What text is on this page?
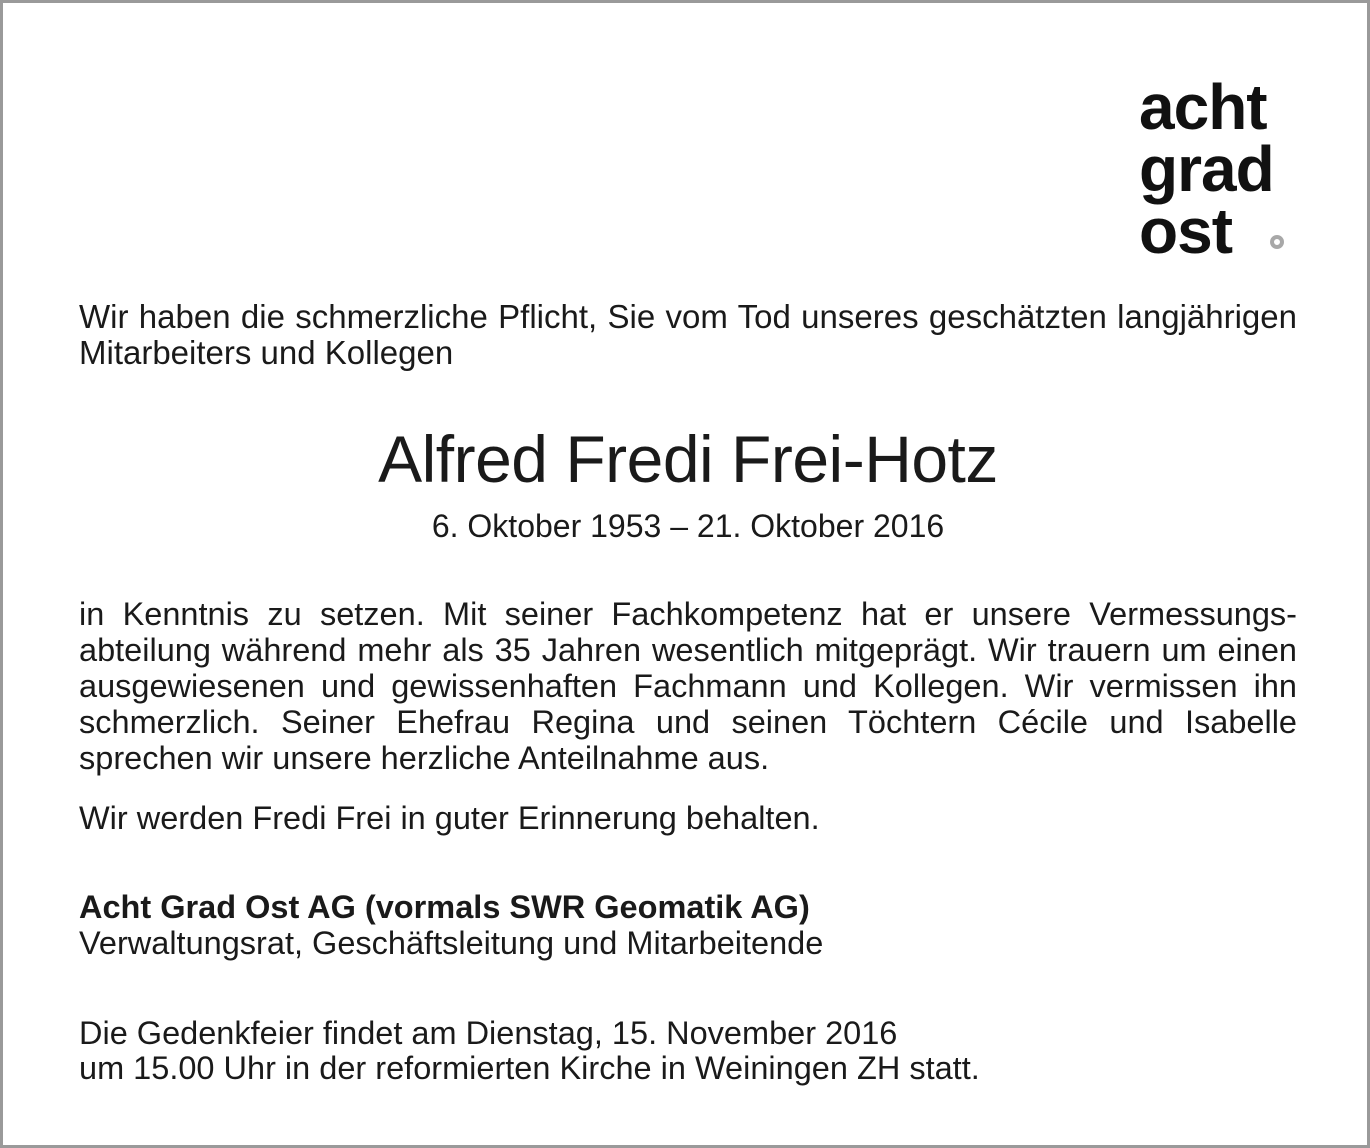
acht
grad
ost

Wir haben die schmerzliche Pflicht, Sie vom Tod unseres geschätzten langjährigen Mitarbeiters und Kollegen

Alfred Fredi Frei-Hotz

6. Oktober 1953 – 21. Oktober 2016

in Kenntnis zu setzen. Mit seiner Fachkompetenz hat er unsere Vermessungsabteilung während mehr als 35 Jahren wesentlich mitgeprägt. Wir trauern um einen ausgewiesenen und gewissenhaften Fachmann und Kollegen. Wir vermissen ihn schmerzlich. Seiner Ehefrau Regina und seinen Töchtern Cécile und Isabelle sprechen wir unsere herzliche Anteilnahme aus.

Wir werden Fredi Frei in guter Erinnerung behalten.

Acht Grad Ost AG (vormals SWR Geomatik AG)

Verwaltungsrat, Geschäftsleitung und Mitarbeitende

Die Gedenkfeier findet am Dienstag, 15. November 2016

um 15.00 Uhr in der reformierten Kirche in Weiningen ZH statt.
